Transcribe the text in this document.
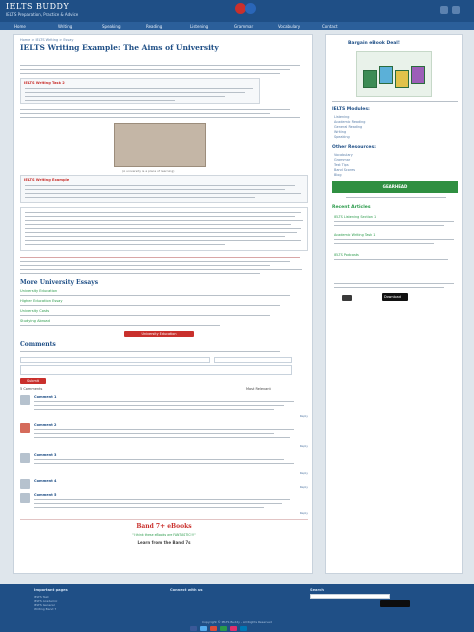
IELTS BUDDY
IELTS Preparation, Practice & Advice
Home	Writing	Speaking	Reading	Listening	Grammar	Vocabulary	Contact
Home > IELTS Writing > Essay
IELTS Writing Example: The Aims of University
IELTS Writing Task 2
(A university is a place of learning)
IELTS Writing Example
More University Essays
University Education
Higher Education Essay
University Costs
Studying Abroad
University Education
Comments
Submit
5 Comments	Most Relevant
Comment 1
Reply
Comment 2
Reply
Comment 3
Reply
Comment 4
Reply
Comment 5
Reply
Band 7+ eBooks
"I think these eBooks are FANTASTIC!!!"
Learn from the Band 7s
Bargain eBook Deal!
IELTS Modules:
Listening
Academic Reading
General Reading
Writing
Speaking
Other Resources:
Vocabulary
Grammar
Test Tips
Band Scores
Blog
GEARHEAD
Recent Articles
IELTS Listening Section 1
Academic Writing Task 1
IELTS Podcasts
Download
Important pages	Connect with us	Search
IELTS Test
IELTS Academic
IELTS General
Writing Band 7
Copyright © IELTS Buddy - All Rights Reserved
